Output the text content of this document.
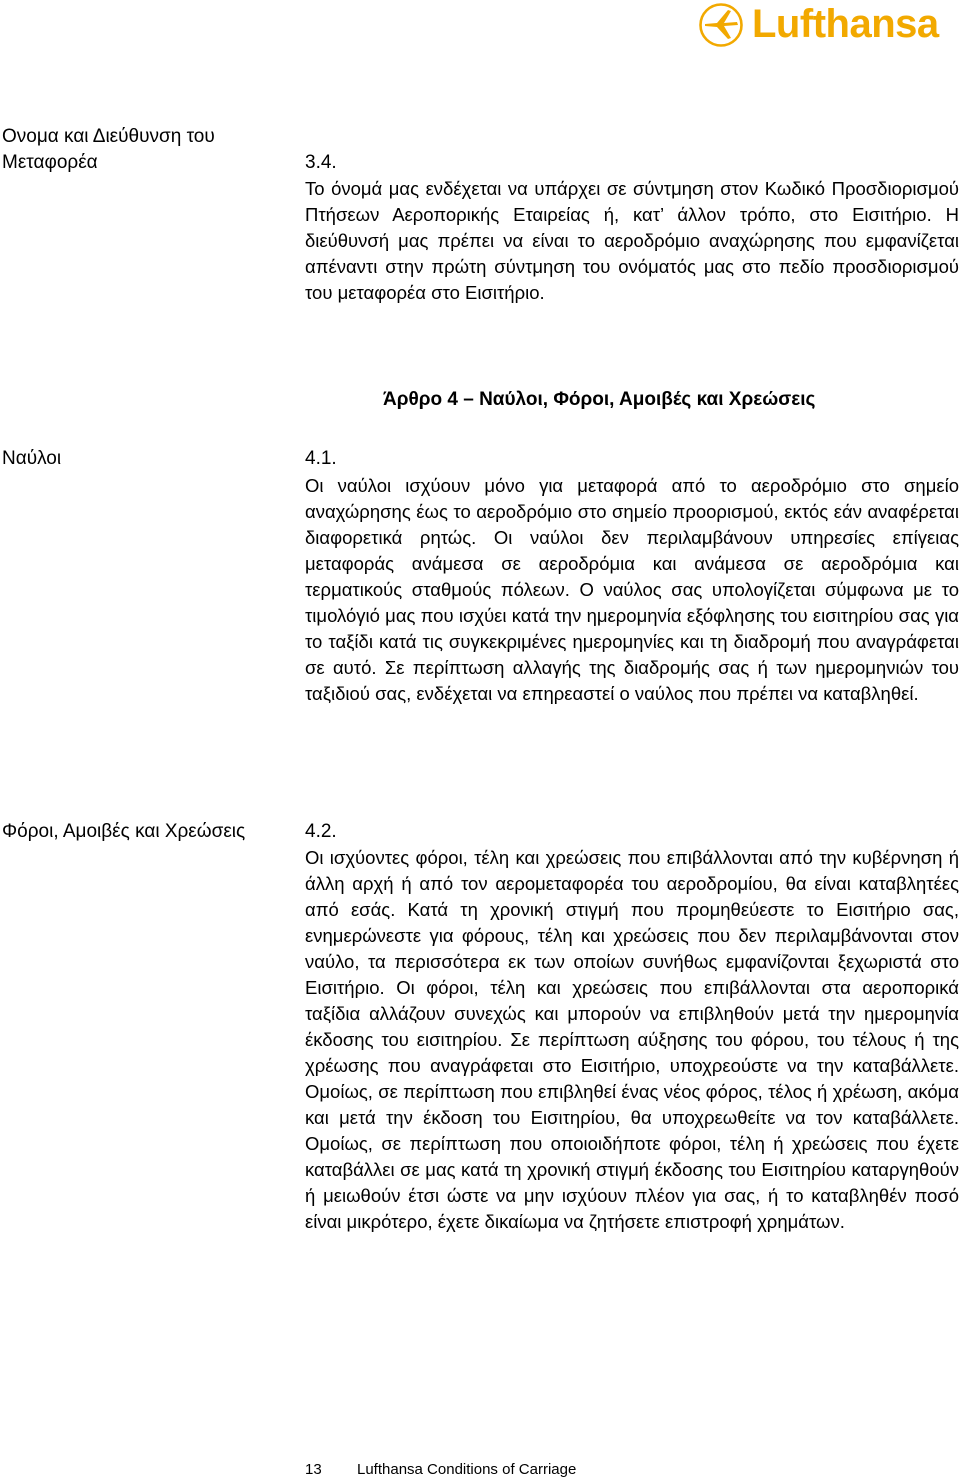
Lufthansa
Ονομα και Διεύθυνση του
Μεταφορέα	3.4.
Το όνομά μας ενδέχεται να υπάρχει σε σύντμηση στον Κωδικό Προσδιορισμού Πτήσεων Αεροπορικής Εταιρείας ή, κατ’ άλλον τρόπο, στο Εισιτήριο. Η διεύθυνσή μας πρέπει να είναι το αεροδρόμιο αναχώρησης που εμφανίζεται απέναντι στην πρώτη σύντμηση του ονόματός μας στο πεδίο προσδιορισμού του μεταφορέα στο Εισιτήριο.
Άρθρο 4 – Ναύλοι, Φόροι, Αμοιβές και Χρεώσεις
Ναύλοι	4.1.
Οι ναύλοι ισχύουν μόνο για μεταφορά από το αεροδρόμιο στο σημείο αναχώρησης έως το αεροδρόμιο στο σημείο προορισμού, εκτός εάν αναφέρεται διαφορετικά ρητώς. Οι ναύλοι δεν περιλαμβάνουν υπηρεσίες επίγειας μεταφοράς ανάμεσα σε αεροδρόμια και ανάμεσα σε αεροδρόμια και τερματικούς σταθμούς πόλεων. Ο ναύλος σας υπολογίζεται σύμφωνα με το τιμολόγιό μας που ισχύει κατά την ημερομηνία εξόφλησης του εισιτηρίου σας για το ταξίδι κατά τις συγκεκριμένες ημερομηνίες και τη διαδρομή που αναγράφεται σε αυτό. Σε περίπτωση αλλαγής της διαδρομής σας ή των ημερομηνιών του ταξιδιού σας, ενδέχεται να επηρεαστεί ο ναύλος που πρέπει να καταβληθεί.
Φόροι, Αμοιβές και Χρεώσεις	4.2.
Οι ισχύοντες φόροι, τέλη και χρεώσεις που επιβάλλονται από την κυβέρνηση ή άλλη αρχή ή από τον αερομεταφορέα του αεροδρομίου, θα είναι καταβλητέες από εσάς. Κατά τη χρονική στιγμή που προμηθεύεστε το Εισιτήριο σας, ενημερώνεστε για φόρους, τέλη και χρεώσεις που δεν περιλαμβάνονται στον ναύλο, τα περισσότερα εκ των οποίων συνήθως εμφανίζονται ξεχωριστά στο Εισιτήριο. Οι φόροι, τέλη και χρεώσεις που επιβάλλονται στα αεροπορικά ταξίδια αλλάζουν συνεχώς και μπορούν να επιβληθούν μετά την ημερομηνία έκδοσης του εισιτηρίου. Σε περίπτωση αύξησης του φόρου, του τέλους ή της χρέωσης που αναγράφεται στο Εισιτήριο, υποχρεούστε να την καταβάλλετε. Ομοίως, σε περίπτωση που επιβληθεί ένας νέος φόρος, τέλος ή χρέωση, ακόμα και μετά την έκδοση του Εισιτηρίου, θα υποχρεωθείτε να τον καταβάλλετε. Ομοίως, σε περίπτωση που οποιοιδήποτε φόροι, τέλη ή χρεώσεις που έχετε καταβάλλει σε μας κατά τη χρονική στιγμή έκδοσης του Εισιτηρίου καταργηθούν ή μειωθούν έτσι ώστε να μην ισχύουν πλέον για σας, ή το καταβληθέν ποσό είναι μικρότερο, έχετε δικαίωμα να ζητήσετε επιστροφή χρημάτων.
13 Lufthansa Conditions of Carriage
